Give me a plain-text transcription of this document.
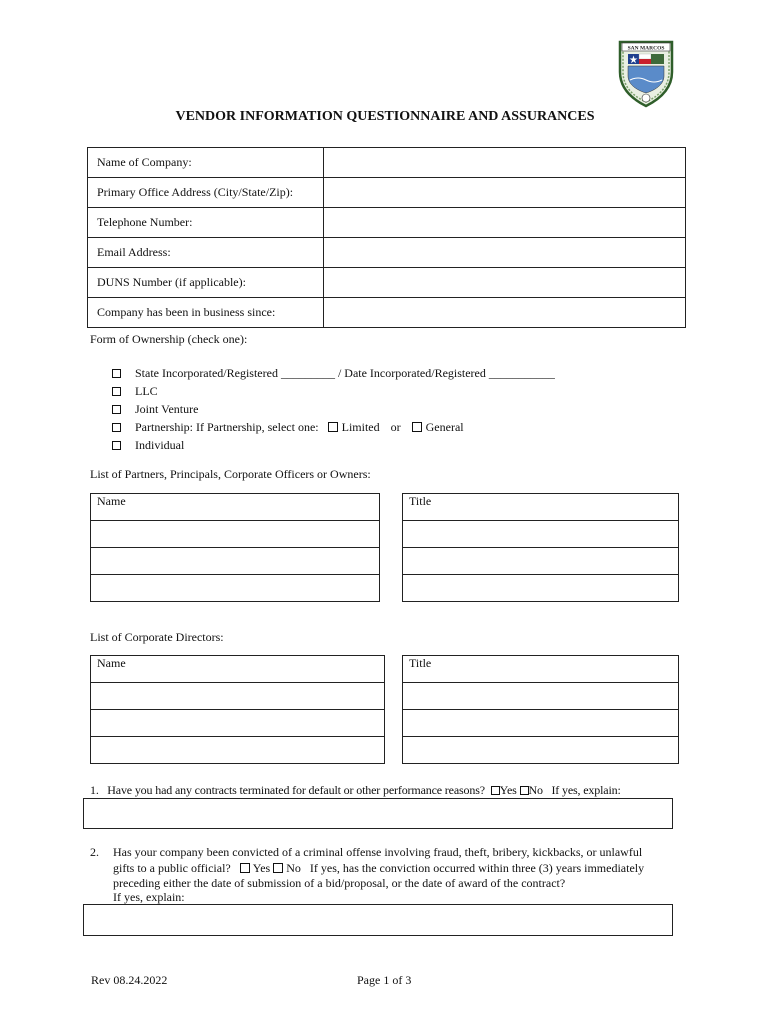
SAN MARCOS
VENDOR INFORMATION QUESTIONNAIRE AND ASSURANCES
Name of Company:	
Primary Office Address (City/State/Zip):	
Telephone Number:	
Email Address:	
DUNS Number (if applicable):	
Company has been in business since:	
Form of Ownership (check one):
State Incorporated/Registered _________ / Date Incorporated/Registered ___________
LLC
Joint Venture
Partnership: If Partnership, select one: Limited or General
Individual
List of Partners, Principals, Corporate Officers or Owners:
Name	Title

List of Corporate Directors:
Name	Title

1. Have you had any contracts terminated for default or other performance reasons? Yes No If yes, explain:
2. Has your company been convicted of a criminal offense involving fraud, theft, bribery, kickbacks, or unlawful
gifts to a public official? Yes No If yes, has the conviction occurred within three (3) years immediately
preceding either the date of submission of a bid/proposal, or the date of award of the contract?
If yes, explain:
Rev 08.24.2022	Page 1 of 3
